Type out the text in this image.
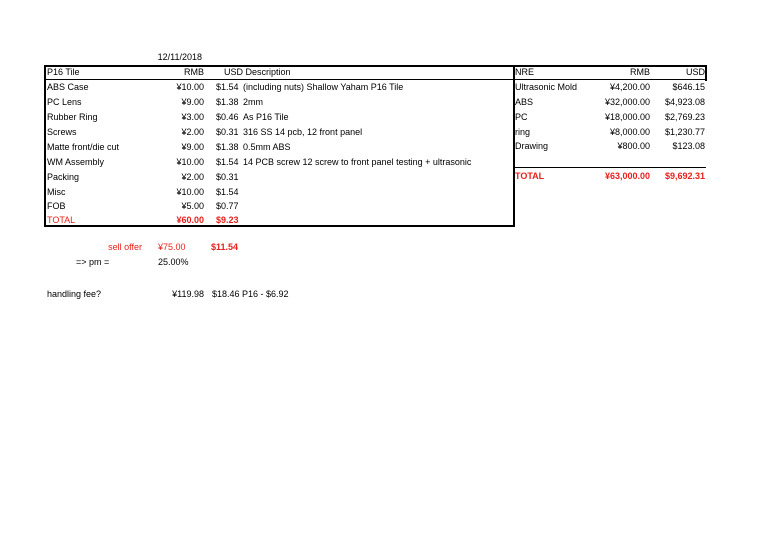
12/11/2018
P16 Tile	RMB USD Description
ABS Case	¥10.00 $1.54 (including nuts) Shallow Yaham P16 Tile
PC Lens	¥9.00 $1.38 2mm
Rubber Ring	¥3.00 $0.46 As P16 Tile
Screws	¥2.00 $0.31 316 SS 14 pcb, 12 front panel
Matte front/die cut	¥9.00 $1.38 0.5mm ABS
WM Assembly	¥10.00 $1.54 14 PCB screw 12 screw to front panel testing + ultrasonic
Packing	¥2.00 $0.31
Misc	¥10.00 $1.54
FOB	¥5.00 $0.77
TOTAL	¥60.00 $9.23
NRE	RMB	USD
Ultrasonic Mold	¥4,200.00	$646.15
ABS	¥32,000.00	$4,923.08
PC	¥18,000.00	$2,769.23
ring	¥8,000.00	$1,230.77
Drawing	¥800.00	$123.08
TOTAL	¥63,000.00	$9,692.31
sell offer ¥75.00	$11.54
=> pm =	25.00%
handling fee?	¥119.98 $18.46 P16 - $6.92
